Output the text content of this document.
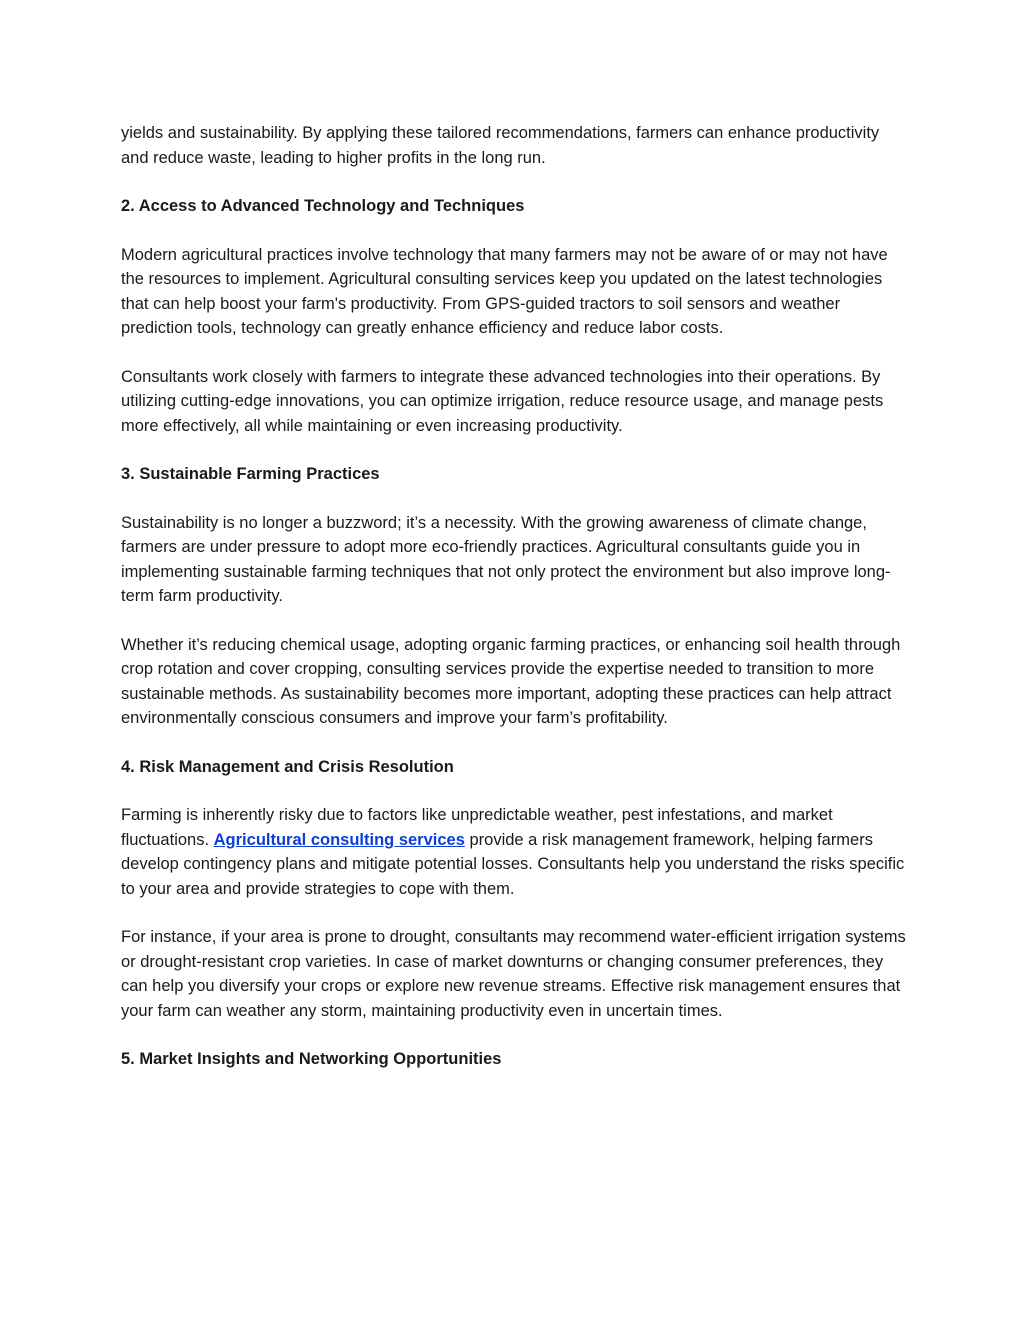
yields and sustainability. By applying these tailored recommendations, farmers can enhance productivity and reduce waste, leading to higher profits in the long run.

2. Access to Advanced Technology and Techniques

Modern agricultural practices involve technology that many farmers may not be aware of or may not have the resources to implement. Agricultural consulting services keep you updated on the latest technologies that can help boost your farm's productivity. From GPS-guided tractors to soil sensors and weather prediction tools, technology can greatly enhance efficiency and reduce labor costs.

Consultants work closely with farmers to integrate these advanced technologies into their operations. By utilizing cutting-edge innovations, you can optimize irrigation, reduce resource usage, and manage pests more effectively, all while maintaining or even increasing productivity.

3. Sustainable Farming Practices

Sustainability is no longer a buzzword; it’s a necessity. With the growing awareness of climate change, farmers are under pressure to adopt more eco-friendly practices. Agricultural consultants guide you in implementing sustainable farming techniques that not only protect the environment but also improve long-term farm productivity.

Whether it’s reducing chemical usage, adopting organic farming practices, or enhancing soil health through crop rotation and cover cropping, consulting services provide the expertise needed to transition to more sustainable methods. As sustainability becomes more important, adopting these practices can help attract environmentally conscious consumers and improve your farm’s profitability.

4. Risk Management and Crisis Resolution

Farming is inherently risky due to factors like unpredictable weather, pest infestations, and market fluctuations. Agricultural consulting services provide a risk management framework, helping farmers develop contingency plans and mitigate potential losses. Consultants help you understand the risks specific to your area and provide strategies to cope with them.

For instance, if your area is prone to drought, consultants may recommend water-efficient irrigation systems or drought-resistant crop varieties. In case of market downturns or changing consumer preferences, they can help you diversify your crops or explore new revenue streams. Effective risk management ensures that your farm can weather any storm, maintaining productivity even in uncertain times.

5. Market Insights and Networking Opportunities
